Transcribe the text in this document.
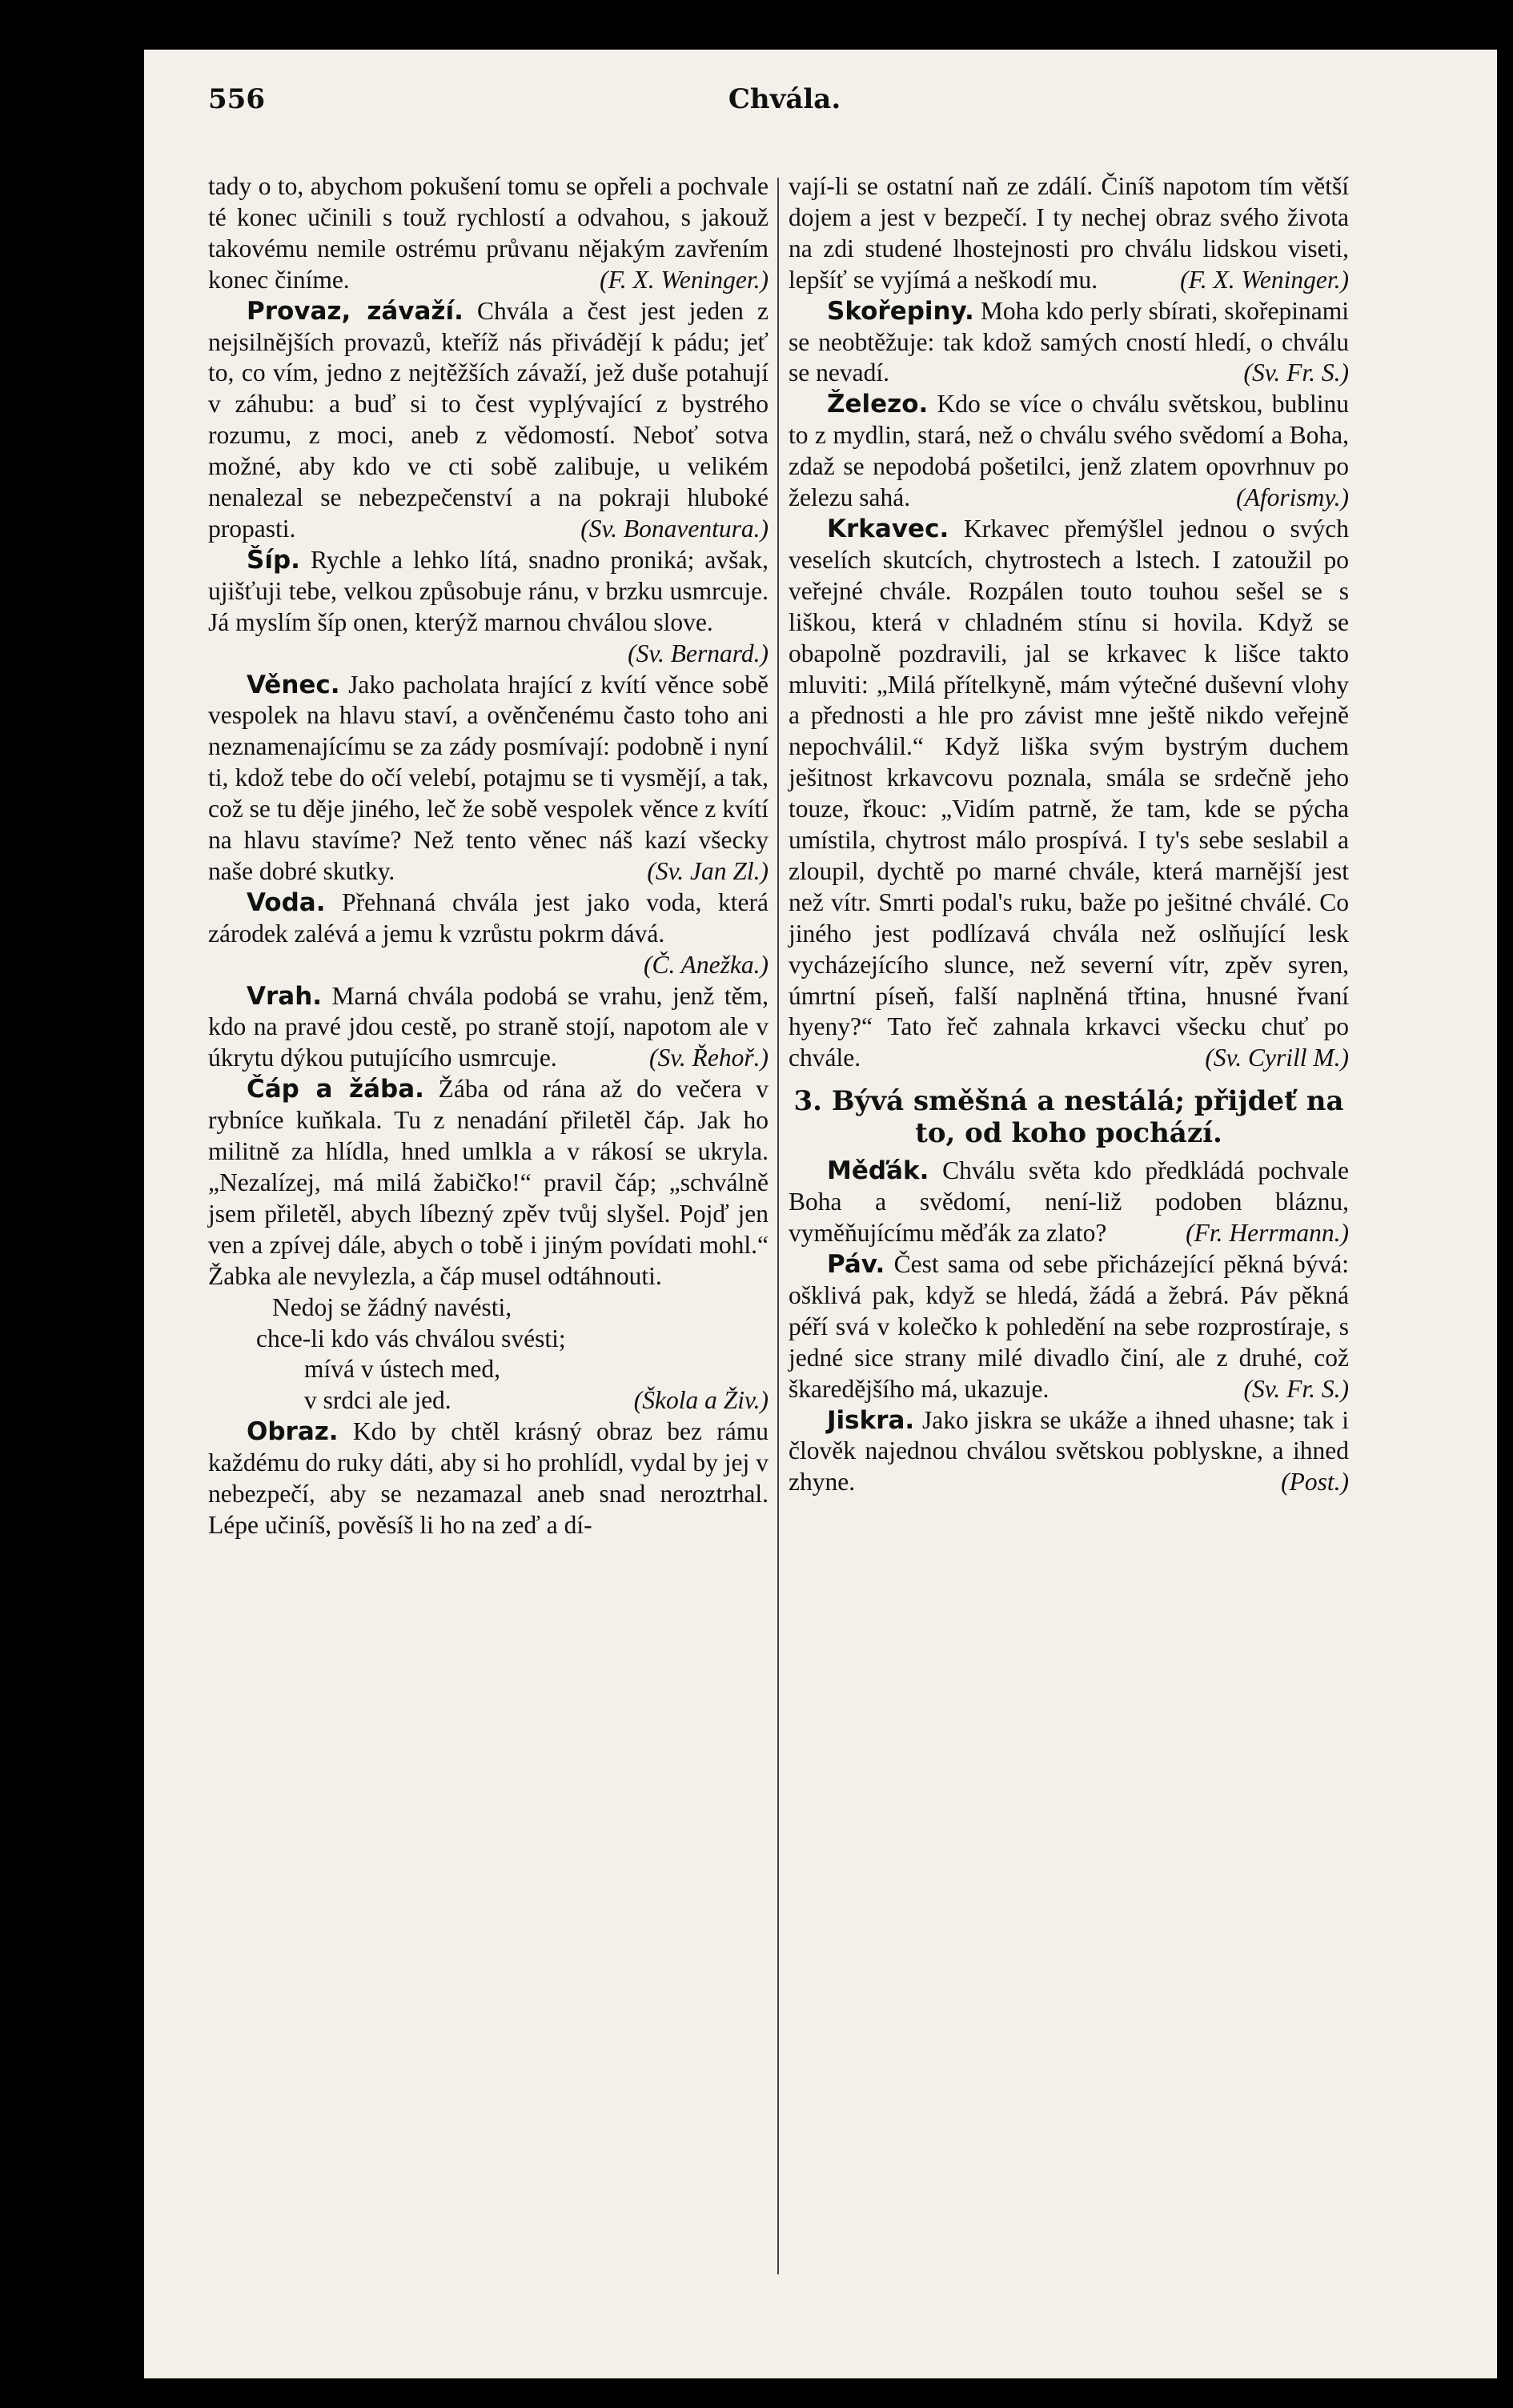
Chvála.
556

tady o to, abychom pokušení tomu se opřeli a pochvale té konec učinili s touž rychlostí a odvahou, s jakouž takovému nemile ostrému průvanu nějakým zavřením konec činíme.	(F. X. Weninger.)

Provaz, závaží. Chvála a čest jest jeden z nejsilnějších provazů, kteříž nás přivádějí k pádu; jeť to, co vím, jedno z nejtěžších závaží, jež duše potahují v záhubu: a buď si to čest vyplývající z bystrého rozumu, z moci, aneb z vědomostí. Neboť sotva možné, aby kdo ve cti sobě zalibuje, u velikém nenalezal se nebezpečenství a na pokraji hluboké propasti.	(Sv. Bonaventura.)

Šíp. Rychle a lehko lítá, snadno proniká; avšak, ujišťuji tebe, velkou způsobuje ránu, v brzku usmrcuje. Já myslím šíp onen, kterýž marnou chválou slove.
(Sv. Bernard.)

Věnec. Jako pacholata hrající z kvítí věnce sobě vespolek na hlavu staví, a ověnčenému často toho ani neznamenajícímu se za zády posmívají: podobně i nyní ti, kdož tebe do očí velebí, potajmu se ti vysmějí, a tak, což se tu děje jiného, leč že sobě vespolek věnce z kvítí na hlavu stavíme? Než tento věnec náš kazí všecky naše dobré skutky.	(Sv. Jan Zl.)

Voda. Přehnaná chvála jest jako voda, která zárodek zalévá a jemu k vzrůstu pokrm dává.
(Č. Anežka.)

Vrah. Marná chvála podobá se vrahu, jenž těm, kdo na pravé jdou cestě, po straně stojí, napotom ale v úkrytu dýkou putujícího usmrcuje.	(Sv. Řehoř.)

Čáp a žába. Žába od rána až do večera v rybníce kuňkala. Tu z nenadání přiletěl čáp. Jak ho militně za hlídla, hned umlkla a v rákosí se ukryla. „Nezalízej, má milá žabičko!“ pravil čáp; „schválně jsem přiletěl, abych líbezný zpěv tvůj slyšel. Pojď jen ven a zpívej dále, abych o tobě i jiným povídati mohl.“ Žabka ale nevylezla, a čáp musel odtáhnouti.

Nedoj se žádný navésti,
chce-li kdo vás chválou svésti;
mívá v ústech med,
v srdci ale jed.	(Škola a Živ.)

Obraz. Kdo by chtěl krásný obraz bez rámu každému do ruky dáti, aby si ho prohlídl, vydal by jej v nebezpečí, aby se nezamazal aneb snad neroztrhal. Lépe učiníš, pověsíš li ho na zeď a dí-

vají-li se ostatní naň ze zdálí. Činíš napotom tím větší dojem a jest v bezpečí. I ty nechej obraz svého života na zdi studené lhostejnosti pro chválu lidskou viseti, lepšíť se vyjímá a neškodí mu.	(F. X. Weninger.)

Skořepiny. Moha kdo perly sbírati, skořepinami se neobtěžuje: tak kdož samých cností hledí, o chválu se nevadí.	(Sv. Fr. S.)

Železo. Kdo se více o chválu světskou, bublinu to z mydlin, stará, než o chválu svého svědomí a Boha, zdaž se nepodobá pošetilci, jenž zlatem opovrhnuv po železu sahá.	(Aforismy.)

Krkavec. Krkavec přemýšlel jednou o svých veselích skutcích, chytrostech a lstech. I zatoužil po veřejné chvále. Rozpálen touto touhou sešel se s liškou, která v chladném stínu si hovila. Když se obapolně pozdravili, jal se krkavec k lišce takto mluviti: „Milá přítelkyně, mám výtečné duševní vlohy a přednosti a hle pro závist mne ještě nikdo veřejně nepochválil.“ Když liška svým bystrým duchem ješitnost krkavcovu poznala, smála se srdečně jeho touze, řkouc: „Vidím patrně, že tam, kde se pýcha umístila, chytrost málo prospívá. I ty's sebe seslabil a zloupil, dychtě po marné chvále, která marnější jest než vítr. Smrti podal's ruku, baže po ješitné chválé. Co jiného jest podlízavá chvála než oslňující lesk vycházejícího slunce, než severní vítr, zpěv syren, úmrtní píseň, falší naplněná třtina, hnusné řvaní hyeny?“ Tato řeč zahnala krkavci všecku chuť po chvále.	(Sv. Cyrill M.)

3. Bývá směšná a nestálá; přijdeť na to, od koho pochází.

Měďák. Chválu světa kdo předkládá pochvale Boha a svědomí, není-liž podoben bláznu, vyměňujícímu měďák za zlato?	(Fr. Herrmann.)

Páv. Čest sama od sebe přicházející pěkná bývá: ošklivá pak, když se hledá, žádá a žebrá. Páv pěkná péří svá v kolečko k pohledění na sebe rozprostíraje, s jedné sice strany milé divadlo činí, ale z druhé, což škaredějšího má, ukazuje.	(Sv. Fr. S.)

Jiskra. Jako jiskra se ukáže a ihned uhasne; tak i člověk najednou chválou světskou poblyskne, a ihned zhyne.	(Post.)
